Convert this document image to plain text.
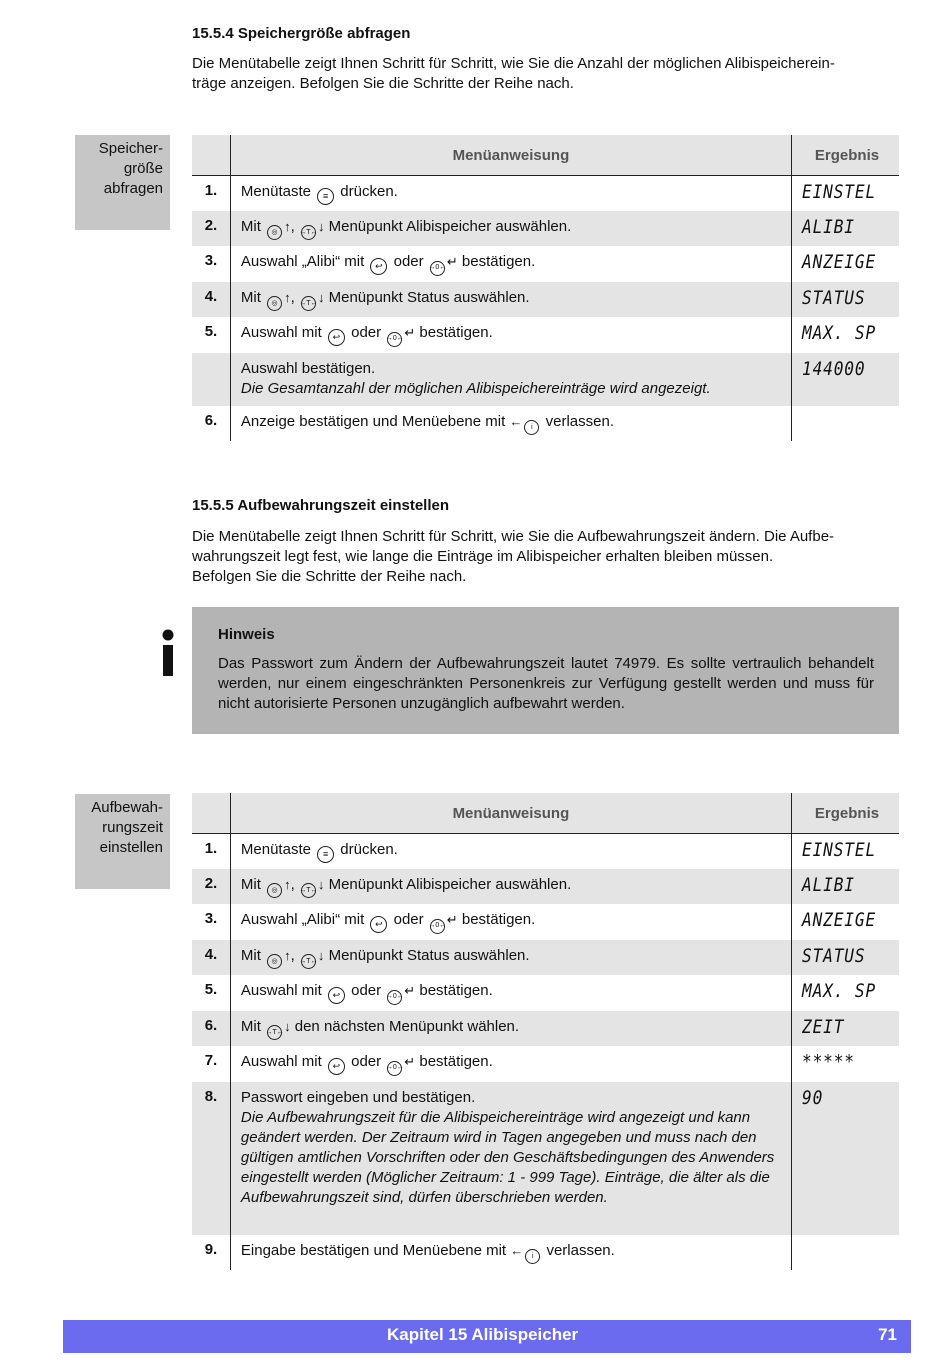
15.5.4 Speichergröße abfragen

Die Menütabelle zeigt Ihnen Schritt für Schritt, wie Sie die Anzahl der möglichen Alibispeicherein-
träge anzeigen. Befolgen Sie die Schritte der Reihe nach.

Speicher-
größe
abfragen
	Menüanweisung	Ergebnis
1.	Menütaste ≡ drücken.	EINSTEL
2.	Mit ◎ ↑, →T←↓ Menüpunkt Alibispeicher auswählen.	ALIBI
3.	Auswahl „Alibi“ mit ↩ oder →0←↵ bestätigen.	ANZEIGE
4.	Mit ◎ ↑, →T←↓ Menüpunkt Status auswählen.	STATUS
5.	Auswahl mit ↩ oder →0←↵ bestätigen.	MAX. SP
	Auswahl bestätigen.
Die Gesamtanzahl der möglichen Alibispeichereinträge wird angezeigt.	144000
6.	Anzeige bestätigen und Menüebene mit ← i verlassen.	
15.5.5 Aufbewahrungszeit einstellen

Die Menütabelle zeigt Ihnen Schritt für Schritt, wie Sie die Aufbewahrungszeit ändern. Die Aufbe-
wahrungszeit legt fest, wie lange die Einträge im Alibispeicher erhalten bleiben müssen.
Befolgen Sie die Schritte der Reihe nach.

Hinweis
Das Passwort zum Ändern der Aufbewahrungszeit lautet 74979. Es sollte vertraulich behandelt werden, nur einem eingeschränkten Personenkreis zur Verfügung gestellt werden und muss für nicht autorisierte Personen unzugänglich aufbewahrt werden.
Aufbewah-
rungszeit
einstellen
	Menüanweisung	Ergebnis
1.	Menütaste ≡ drücken.	EINSTEL
2.	Mit ◎ ↑, →T←↓ Menüpunkt Alibispeicher auswählen.	ALIBI
3.	Auswahl „Alibi“ mit ↩ oder →0←↵ bestätigen.	ANZEIGE
4.	Mit ◎ ↑, →T←↓ Menüpunkt Status auswählen.	STATUS
5.	Auswahl mit ↩ oder →0←↵ bestätigen.	MAX. SP
6.	Mit →T←↓ den nächsten Menüpunkt wählen.	ZEIT
7.	Auswahl mit ↩ oder →0←↵ bestätigen.	*****
8.	Passwort eingeben und bestätigen.
Die Aufbewahrungszeit für die Alibispeichereinträge wird angezeigt und kann geändert werden. Der Zeitraum wird in Tagen angegeben und muss nach den gültigen amtlichen Vorschriften oder den Geschäftsbedingungen des Anwenders eingestellt werden (Möglicher Zeitraum: 1 - 999 Tage). Einträge, die älter als die Aufbewahrungszeit sind, dürfen überschrieben werden.	90
9.	Eingabe bestätigen und Menüebene mit ← i verlassen.	
Kapitel 15 Alibispeicher	71
